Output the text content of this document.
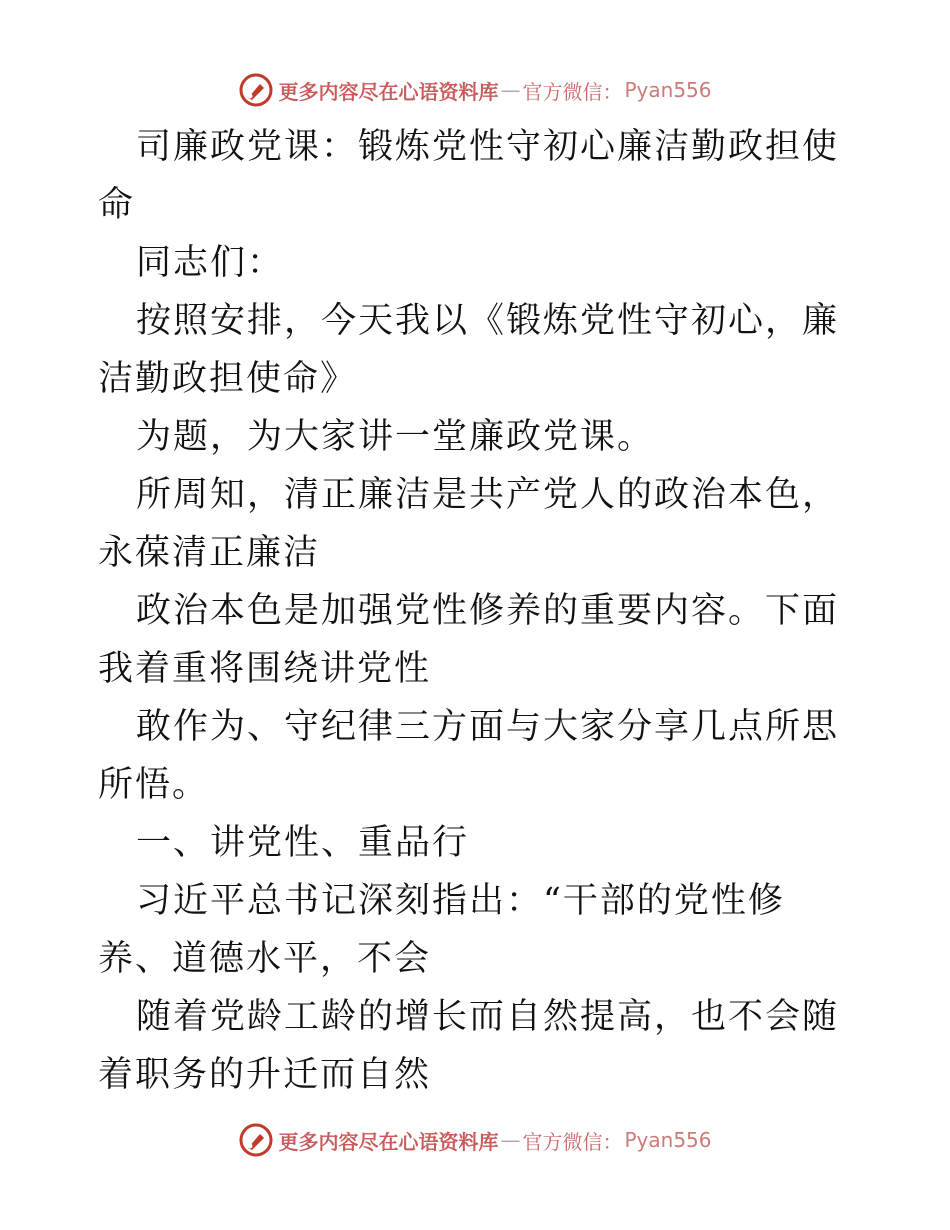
更多内容尽在心语资料库 — 官方微信： Pyan556

司廉政党课：锻炼党性守初心廉洁勤政担使命

同志们：

按照安排，今天我以《锻炼党性守初心，廉洁勤政担使命》

为题，为大家讲一堂廉政党课。

所周知，清正廉洁是共产党人的政治本色，永葆清正廉洁

政治本色是加强党性修养的重要内容。下面我着重将围绕讲党性

敢作为、守纪律三方面与大家分享几点所思所悟。

一、讲党性、重品行

习近平总书记深刻指出：“干部的党性修养、道德水平，不会

随着党龄工龄的增长而自然提高，也不会随着职务的升迁而自然

更多内容尽在心语资料库 — 官方微信： Pyan556
